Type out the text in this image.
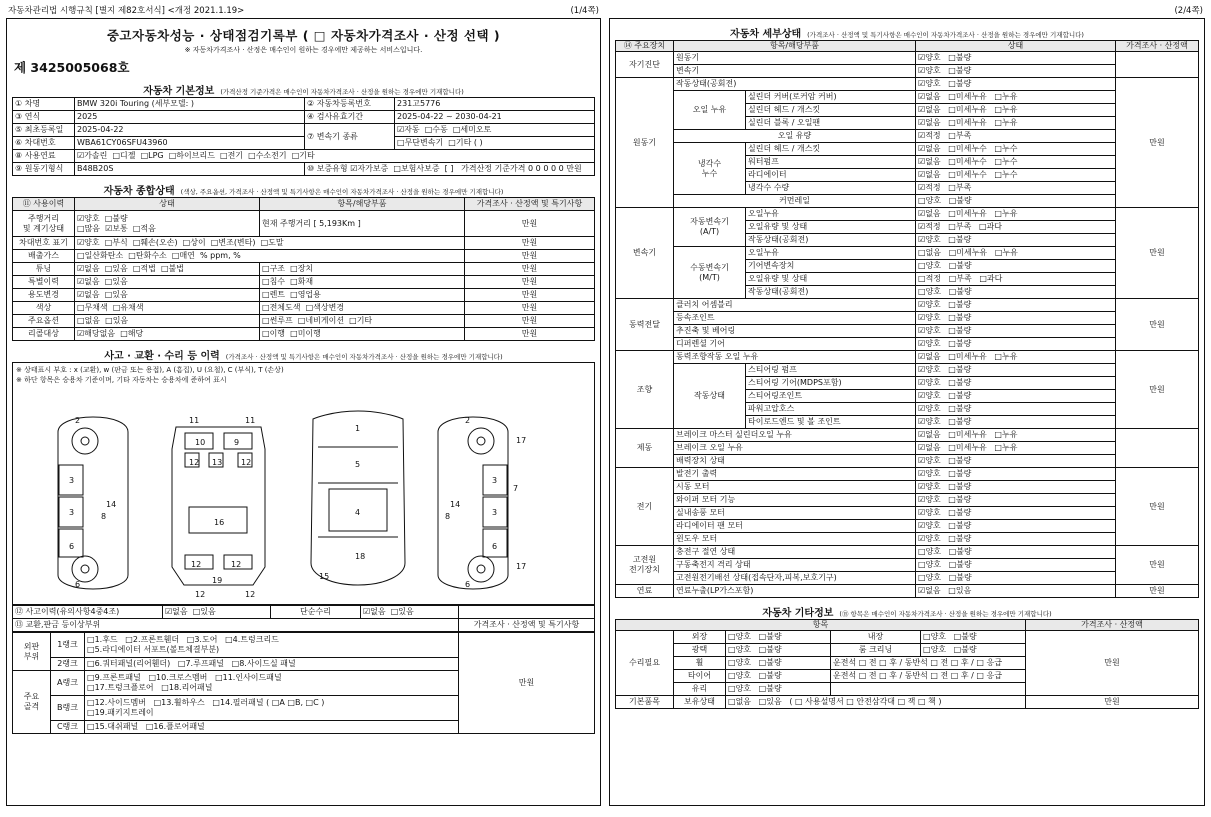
자동차관리법 시행규칙 [별지 제82호서식] <개정 2021.1.19>	(1/4쪽)
중고자동차성능 · 상태점검기록부 ( □ 자동차가격조사 · 산정 선택 )
※ 자동차가격조사 · 산정은 매수인이 원하는 경우에만 제공하는 서비스입니다.
제 3425005068호
자동차 기본정보 (가격산정 기준가격은 매수인이 자동차가격조사 · 산정을 원하는 경우에만 기재합니다)
① 차명	BMW 320i Touring (세부모델: )	② 자동차등록번호	231고5776
③ 연식	2025	④ 검사유효기간	2025-04-22 ~ 2030-04-21
⑤ 최초등록일	2025-04-22	⑦ 변속기 종류	☑자동 □수동 □세미오토
⑥ 차대번호	WBA61CY06SFU43960		□무단변속기 □기타 ( )
⑧ 사용연료	☑가솔린 □디젤 □LPG □하이브리드 □전기 □수소전기 □기타		
⑨ 원동기형식	B48B20S	⑩ 보증유형 ☑자가보증 □보험사보증 [ ] 가격산정 기준가격 0 0 0 0 0 만원	
자동차 종합상태 (색상, 주요옵션, 가격조사 · 산정액 및 특기사항은 매수인이 자동차가격조사 · 산정을 원하는 경우에만 기재합니다)
⑪ 사용이력	상태	항목/해당부품	가격조사 · 산정액 및 특기사항
주행거리
및 계기상태	
☑양호 □불량
□많음 ☑보통 □적음
	현재 주행거리 [ 5,193Km ]	만원
차대번호 표기	☑양호 □부식 □훼손(오손) □상이 □변조(변타) □도말		만원
배출가스	□일산화탄소 □탄화수소 □매연 % ppm, %		만원
튜닝	☑없음 □있음 □적법 □불법	□구조 □장치	만원
특별이력	☑없음 □있음	□침수 □화재	만원
용도변경	☑없음 □있음	□렌트 □영업용	만원
색상	□무채색 □유채색	□전체도색 □색상변경	만원
주요옵션	□없음 □있음	□썬루프 □네비게이션 □기타	만원
리콜대상	☑해당없음 □해당	□이행 □미이행	만원
사고 · 교환 · 수리 등 이력 (가격조사 · 산정액 및 특기사항은 매수인이 자동차가격조사 · 산정을 원하는 경우에만 기재합니다)
※ 상태표시 부호 : x (교환), w (판금 또는 용접), A (흠집), U (요철), C (부식), T (손상)
※ 하단 항목은 승용차 기준이며, 기타 자동차는 승용차에 준하여 표시
2
3
3
6
8
14
6
11	11
10	9
12 13 12
16
12	12
19
12	12
1
5
4
18
15
2
3
3
6
8
14
6
7
17
17
⑫ 사고이력(유의사항4중4조)	☑없음 □있음	단순수리	☑없음 □있음	
⑬ 교환,판금 등이상부위				가격조사 · 산정액 및 특기사항
외판
부위	1랭크	
□1.후드 □2.프론트휀더 □3.도어 □4.트렁크리드
□5.라디에이터 서포트(볼트체결부분)
	만원
	2랭크	□6.쿼터패널(리어휀더) □7.루프패널 □8.사이드실 패널	
주요
골격	A랭크	
□9.프론트패널 □10.크로스멤버 □11.인사이드패널
□17.트렁크플로어 □18.리어패널

	B랭크	□12.사이드멤버 □13.휠하우스 □14.필러패널 ( □A □B, □C )
□19.패키지트레이	

	C랭크	□15.대쉬패널 □16.플로어패널	
(2/4쪽)
자동차 세부상태 (가격조사 · 산정액 및 특기사항은 매수인이 자동차가격조사 · 산정을 원하는 경우에만 기재합니다)
⑭ 주요장치	항목/해당부품		상태	가격조사 · 산정액
자기진단	원동기		☑양호 □불량	
	변속기		☑양호 □불량	
원동기	작동상태(공회전)		☑양호 □불량	만원
	오일 누유	실린더 커버(로커암 커버)	☑없음 □미세누유 □누유	
		실린더 헤드 / 개스킷	☑없음 □미세누유 □누유	
		실린더 블록 / 오일팬	☑없음 □미세누유 □누유	
	오일 유량		☑적정 □부족	
	냉각수
누수	실린더 헤드 / 개스킷	☑없음 □미세누수 □누수	
		워터펌프	☑없음 □미세누수 □누수	
		라디에이터	☑없음 □미세누수 □누수	
		냉각수 수량	☑적정 □부족	
	커먼레일		□양호 □불량	
변속기	자동변속기
(A/T)	오일누유	☑없음 □미세누유 □누유	만원
		오일유량 및 상태	☑적정 □부족 □과다	
		작동상태(공회전)	☑양호 □불량	
	수동변속기
(M/T)	오일누유	□없음 □미세누유 □누유	
		기어변속장치	□양호 □불량	
		오일유량 및 상태	□적정 □부족 □과다	
		작동상태(공회전)	□양호 □불량	
동력전달	클러치 어셈블리		☑양호 □불량	만원
	등속조인트		☑양호 □불량	
	추진축 및 베어링		☑양호 □불량	
	디퍼렌셜 기어		☑양호 □불량	
조향	동력조향작동 오일 누유		☑없음 □미세누유 □누유	만원
	작동상태	스티어링 펌프	☑양호 □불량	
		스티어링 기어(MDPS포함)	☑양호 □불량	
		스티어링조인트	☑양호 □불량	
		파워고압호스	☑양호 □불량	
		타이로드엔드 및 볼 조인트	☑양호 □불량	
제동	브레이크 마스터 실린더오일 누유		☑없음 □미세누유 □누유	
	브레이크 오일 누유		☑없음 □미세누유 □누유	
	배력장치 상태		☑양호 □불량	
전기	발전기 출력		☑양호 □불량	만원
	시동 모터		☑양호 □불량	
	와이퍼 모터 기능		☑양호 □불량	
	실내송풍 모터		☑양호 □불량	
	라디에이터 팬 모터		☑양호 □불량	
	윈도우 모터		☑양호 □불량	
고전원
전기장치	충전구 절연 상태		□양호 □불량	만원
	구동축전지 격리 상태		□양호 □불량	
	고전원전기배선 상태(접속단자,피복,보호기구)		□양호 □불량	
연료	연료누출(LP가스포함)		☑없음 □있음	만원
자동차 기타정보 (⑮ 항목은 매수인이 자동차가격조사 · 산정을 원하는 경우에만 기재합니다)
항목					가격조사 · 산정액
수리필요	외장	□양호 □불량	내장	□양호 □불량	만원
	광택	□양호 □불량	룸 크리닝	□양호 □불량	
	휠	□양호 □불량	운전석 □ 전 □ 후 / 동반석 □ 전 □ 후 / □ 응급		
	타이어	□양호 □불량	운전석 □ 전 □ 후 / 동반석 □ 전 □ 후 / □ 응급		
	유리	□양호 □불량			
기본품목	보유상태	□없음 □있음 ( □ 사용설명서 □ 안전삼각대 □ 잭 □ 책 )			만원
